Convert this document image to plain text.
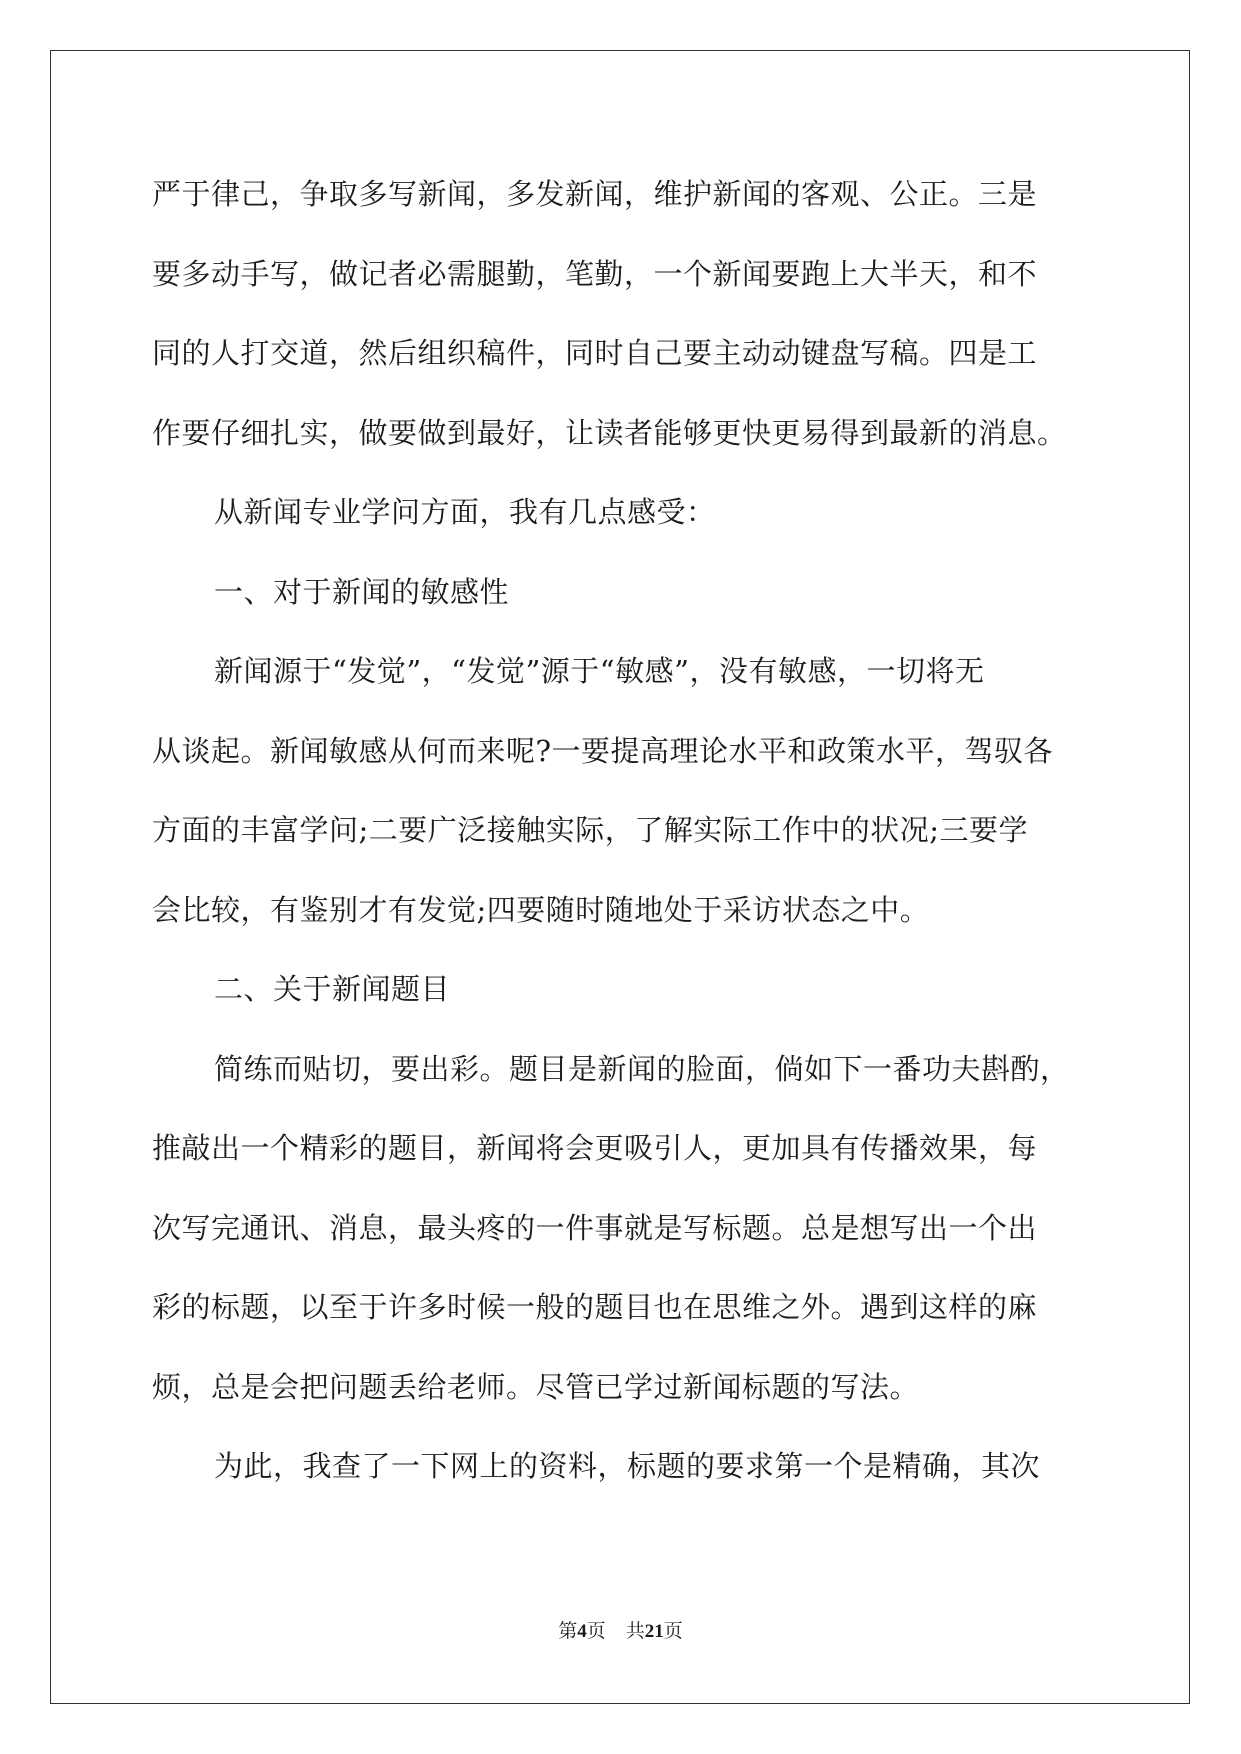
严于律己，争取多写新闻，多发新闻，维护新闻的客观、公正。三是
要多动手写，做记者必需腿勤，笔勤，一个新闻要跑上大半天，和不
同的人打交道，然后组织稿件，同时自己要主动动键盘写稿。四是工
作要仔细扎实，做要做到最好，让读者能够更快更易得到最新的消息。
从新闻专业学问方面，我有几点感受：
一、对于新闻的敏感性
新闻源于“发觉”，“发觉”源于“敏感”，没有敏感，一切将无
从谈起。新闻敏感从何而来呢?一要提高理论水平和政策水平，驾驭各
方面的丰富学问;二要广泛接触实际，了解实际工作中的状况;三要学
会比较，有鉴别才有发觉;四要随时随地处于采访状态之中。
二、关于新闻题目
简练而贴切，要出彩。题目是新闻的脸面，倘如下一番功夫斟酌，
推敲出一个精彩的题目，新闻将会更吸引人，更加具有传播效果，每
次写完通讯、消息，最头疼的一件事就是写标题。总是想写出一个出
彩的标题，以至于许多时候一般的题目也在思维之外。遇到这样的麻
烦，总是会把问题丢给老师。尽管已学过新闻标题的写法。
为此，我查了一下网上的资料，标题的要求第一个是精确，其次
第4页 共21页
